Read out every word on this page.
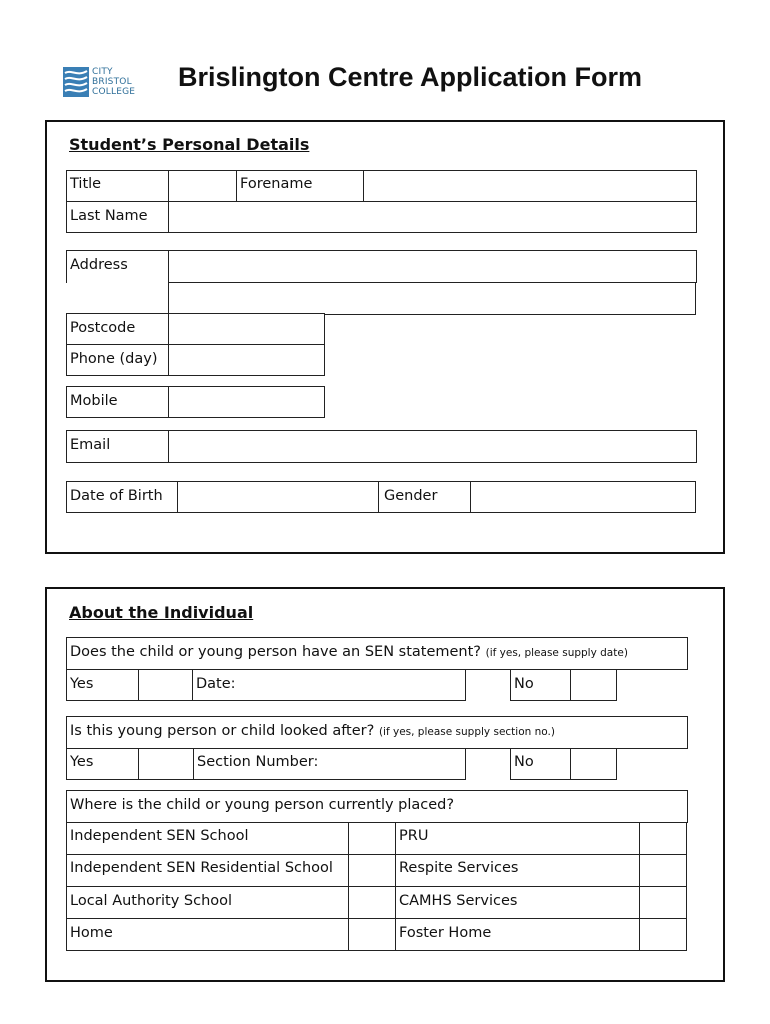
CITY
BRISTOL
COLLEGE Brislington Centre Application Form
Student’s Personal Details
Title	Forename
Last Name
Address
Postcode
Phone (day)
Mobile
Email
Date of Birth	Gender
About the Individual
Does the child or young person have an SEN statement? (if yes, please supply date)
Yes	Date:	No
Is this young person or child looked after? (if yes, please supply section no.)
Yes	Section Number:	No
Where is the child or young person currently placed?
Independent SEN School	PRU
Independent SEN Residential School	Respite Services
Local Authority School	CAMHS Services
Home	Foster Home
